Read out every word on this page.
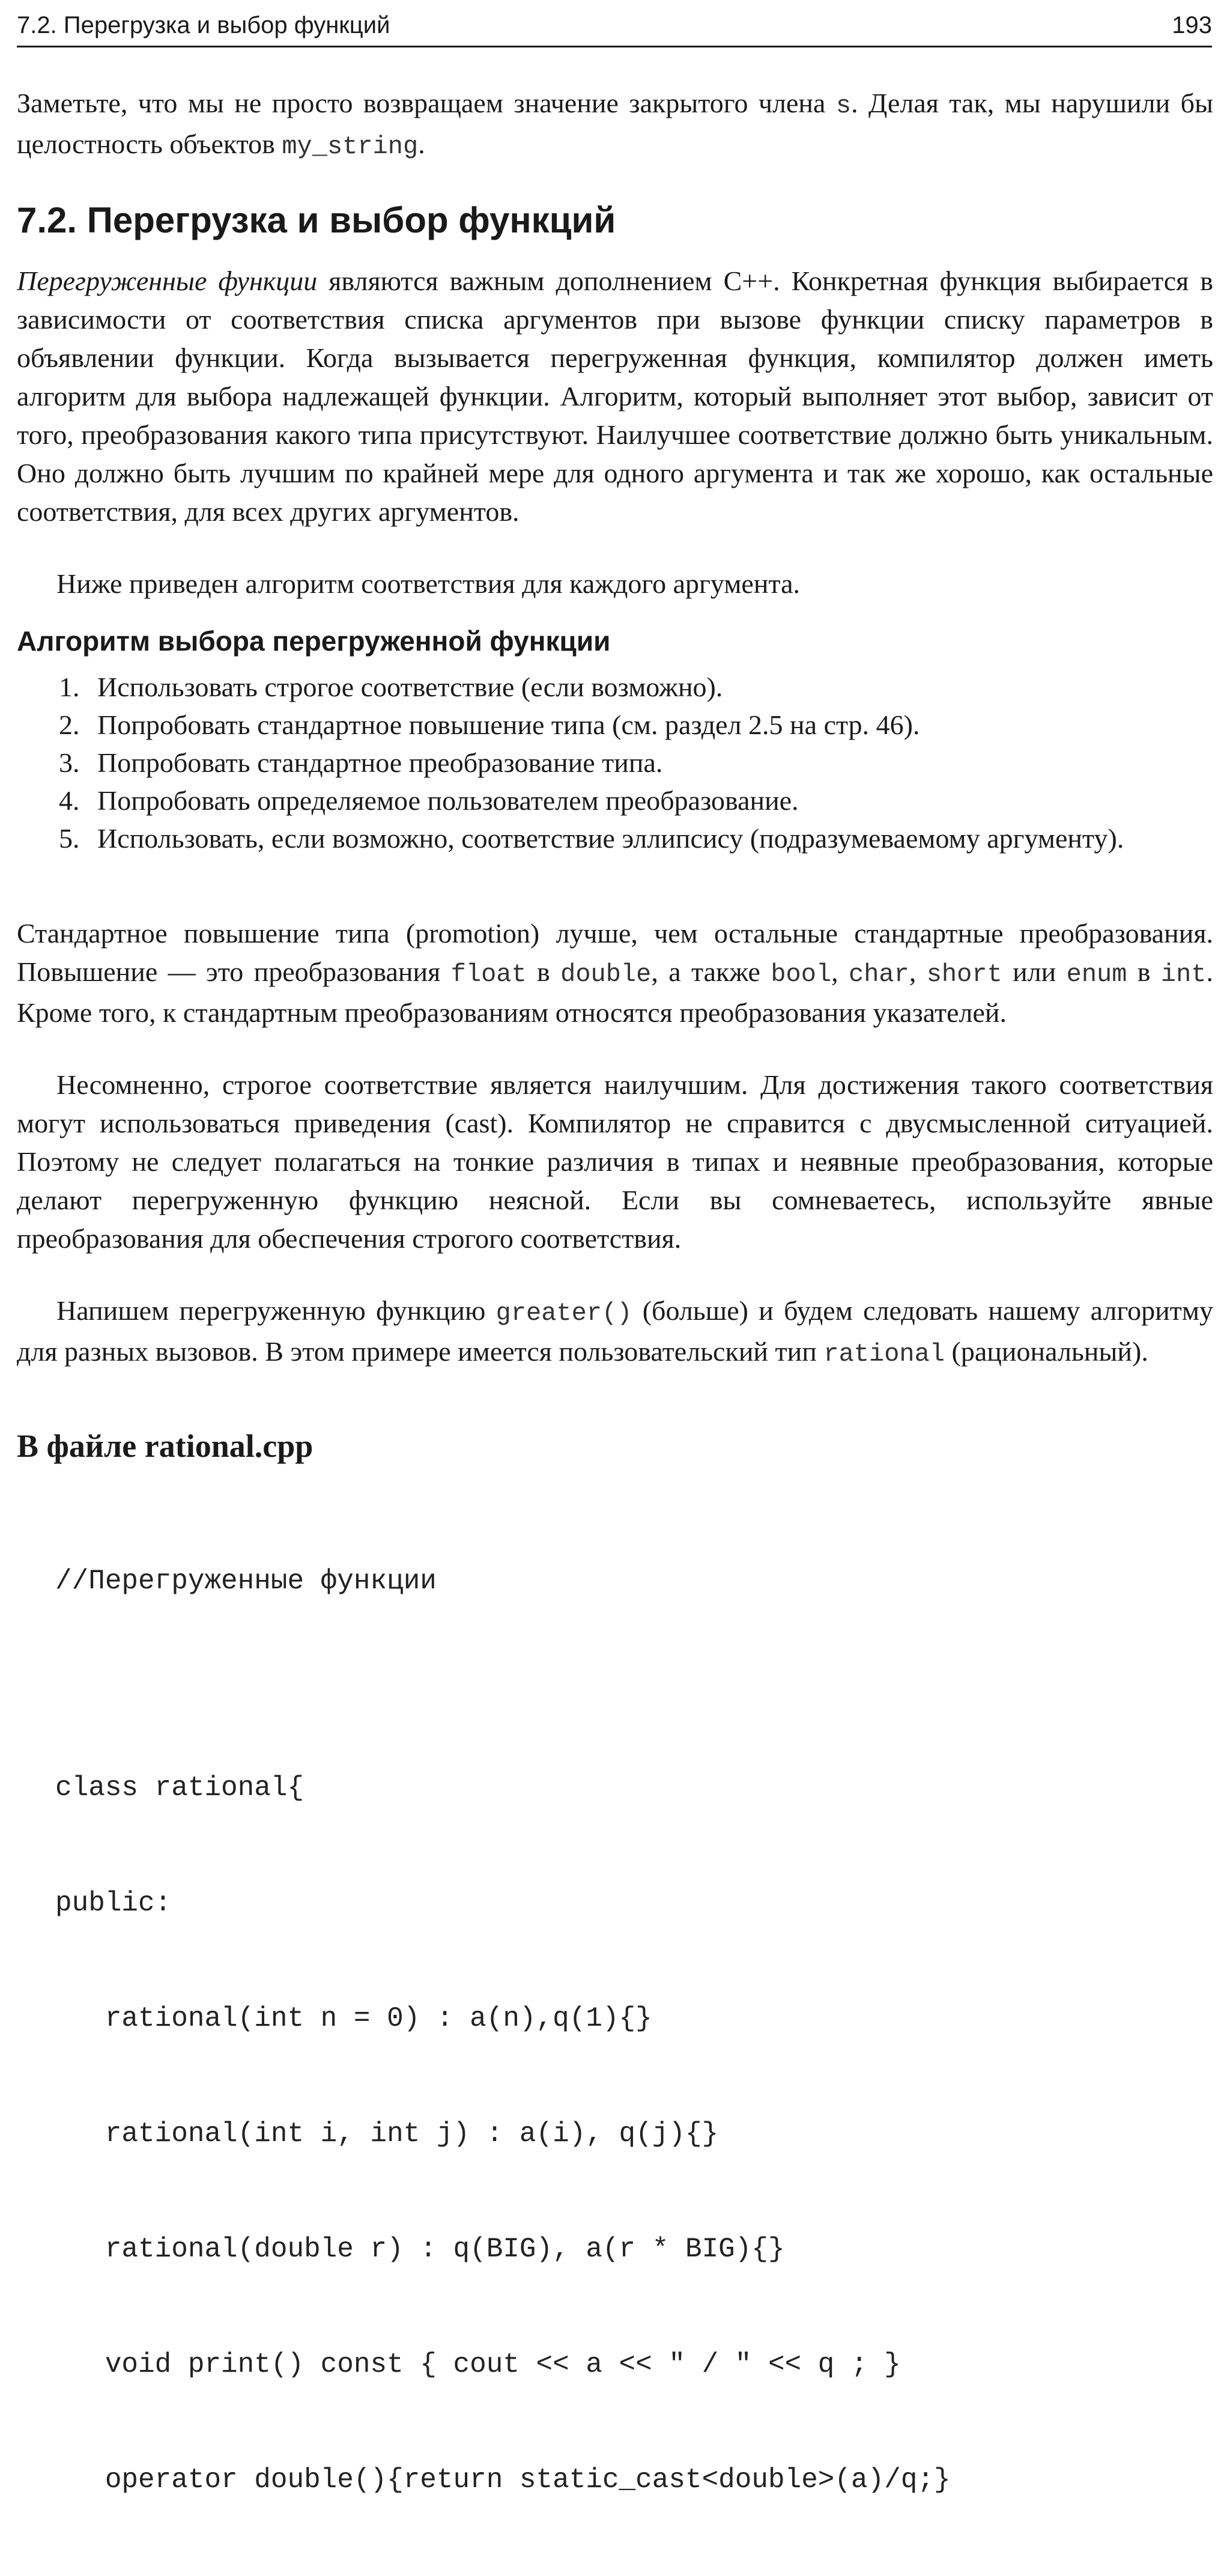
7.2. Перегрузка и выбор функций	193

Заметьте, что мы не просто возвращаем значение закрытого члена s. Делая так, мы нарушили бы целостность объектов my_string.

7.2. Перегрузка и выбор функций

Перегруженные функции являются важным дополнением С++. Конкретная функция выбирается в зависимости от соответствия списка аргументов при вызове функции списку параметров в объявлении функции. Когда вызывается перегруженная функция, компилятор должен иметь алгоритм для выбора надлежащей функции. Алгоритм, который выполняет этот выбор, зависит от того, преобразования какого типа присутствуют. Наилучшее соответствие должно быть уникальным. Оно должно быть лучшим по крайней мере для одного аргумента и так же хорошо, как остальные соответствия, для всех других аргументов.

Ниже приведен алгоритм соответствия для каждого аргумента.

Алгоритм выбора перегруженной функции
1. Использовать строгое соответствие (если возможно).
2. Попробовать стандартное повышение типа (см. раздел 2.5 на стр. 46).
3. Попробовать стандартное преобразование типа.
4. Попробовать определяемое пользователем преобразование.
5. Использовать, если возможно, соответствие эллипсису (подразумеваемому аргументу).

Стандартное повышение типа (promotion) лучше, чем остальные стандартные преобразования. Повышение — это преобразования float в double, а также bool, char, short или enum в int. Кроме того, к стандартным преобразованиям относятся преобразования указателей.

Несомненно, строгое соответствие является наилучшим. Для достижения такого соответствия могут использоваться приведения (cast). Компилятор не справится с двусмысленной ситуацией. Поэтому не следует полагаться на тонкие различия в типах и неявные преобразования, которые делают перегруженную функцию неясной. Если вы сомневаетесь, используйте явные преобразования для обеспечения строгого соответствия.

Напишем перегруженную функцию greater() (больше) и будем следовать нашему алгоритму для разных вызовов. В этом примере имеется пользовательский тип rational (рациональный).

В файле rational.cpp

//Перегруженные функции

class rational{

public:

rational(int n = 0) : a(n),q(1){}

rational(int i, int j) : a(i), q(j){}

rational(double r) : q(BIG), a(r * BIG){}

void print() const { cout << a << " / " << q ; }

operator double(){return static_cast<double>(a)/q;}
